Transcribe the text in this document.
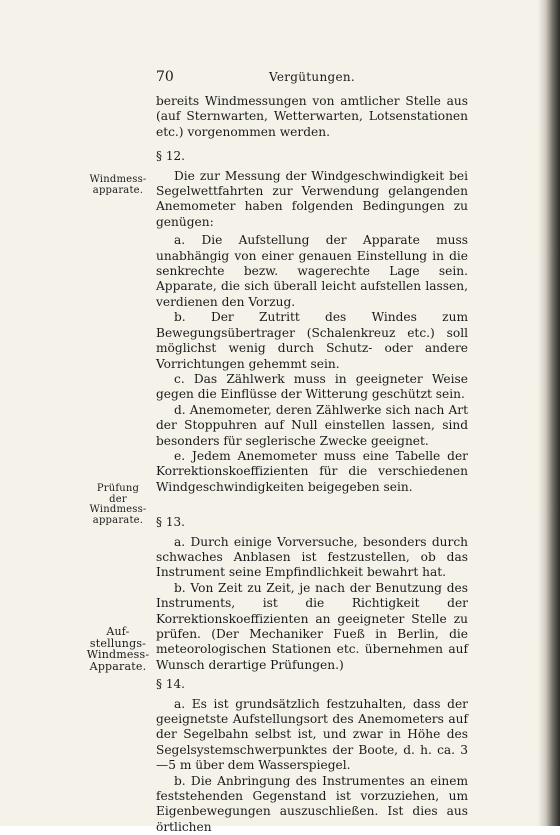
70	Vergütungen.
Windmess-
apparate.
Prüfung
der
Windmess-
apparate.
Auf-
stellungs-
Windmess-
Apparate.

bereits Windmessungen von amtlicher Stelle aus (auf Sternwarten, Wetterwarten, Lotsenstationen etc.) vorgenommen werden.

§ 12.

Die zur Messung der Windgeschwindigkeit bei Segelwettfahrten zur Verwendung gelangenden Anemometer haben folgenden Bedingungen zu genügen:

a. Die Aufstellung der Apparate muss unabhängig von einer genauen Einstellung in die senkrechte bezw. wagerechte Lage sein. Apparate, die sich überall leicht aufstellen lassen, verdienen den Vorzug.

b. Der Zutritt des Windes zum Bewegungsübertrager (Schalenkreuz etc.) soll möglichst wenig durch Schutz- oder andere Vorrichtungen gehemmt sein.

c. Das Zählwerk muss in geeigneter Weise gegen die Einflüsse der Witterung geschützt sein.

d. Anemometer, deren Zählwerke sich nach Art der Stoppuhren auf Null einstellen lassen, sind besonders für seglerische Zwecke geeignet.

e. Jedem Anemometer muss eine Tabelle der Korrektionskoeffizienten für die verschiedenen Windgeschwindigkeiten beigegeben sein.

§ 13.

a. Durch einige Vorversuche, besonders durch schwaches Anblasen ist festzustellen, ob das Instrument seine Empfindlichkeit bewahrt hat.

b. Von Zeit zu Zeit, je nach der Benutzung des Instruments, ist die Richtigkeit der Korrektionskoeffizienten an geeigneter Stelle zu prüfen. (Der Mechaniker Fueß in Berlin, die meteorologischen Stationen etc. übernehmen auf Wunsch derartige Prüfungen.)

§ 14.

a. Es ist grundsätzlich festzuhalten, dass der geeignetste Aufstellungsort des Anemometers auf der Segelbahn selbst ist, und zwar in Höhe des Segelsystemschwerpunktes der Boote, d. h. ca. 3—5 m über dem Wasserspiegel.

b. Die Anbringung des Instrumentes an einem feststehenden Gegenstand ist vorzuziehen, um Eigenbewegungen auszuschließen. Ist dies aus örtlichen
